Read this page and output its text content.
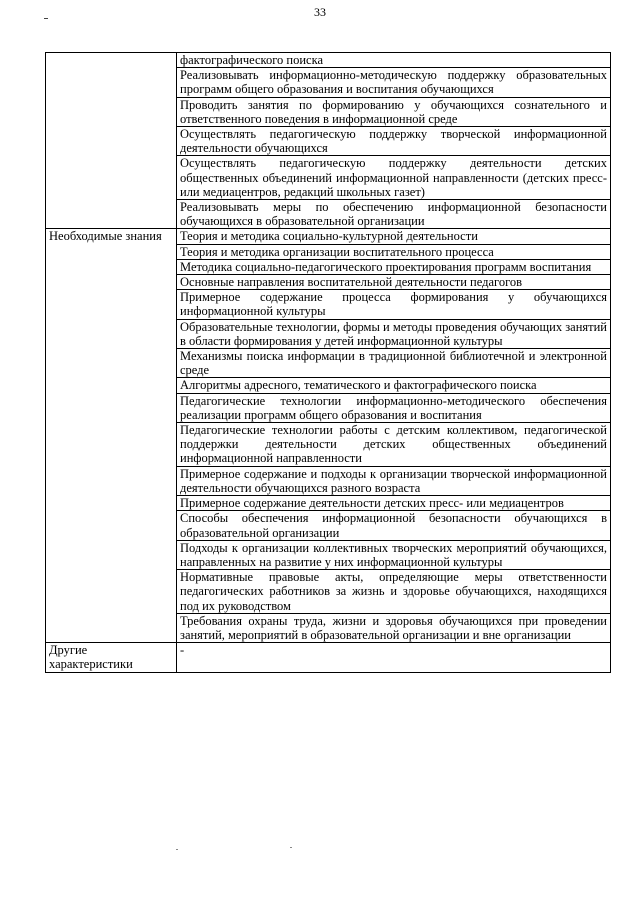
33
	фактографического поиска
	Реализовывать информационно-методическую поддержку образовательных программ общего образования и воспитания обучающихся
	Проводить занятия по формированию у обучающихся сознательного и ответственного поведения в информационной среде
	Осуществлять педагогическую поддержку творческой информационной деятельности обучающихся
	Осуществлять педагогическую поддержку деятельности детских общественных объединений информационной направленности (детских пресс- или медиацентров, редакций школьных газет)
	Реализовывать меры по обеспечению информационной безопасности обучающихся в образовательной организации
Необходимые знания	Теория и методика социально-культурной деятельности
	Теория и методика организации воспитательного процесса
	Методика социально-педагогического проектирования программ воспитания
	Основные направления воспитательной деятельности педагогов
	Примерное содержание процесса формирования у обучающихся информационной культуры
	Образовательные технологии, формы и методы проведения обучающих занятий в области формирования у детей информационной культуры
	Механизмы поиска информации в традиционной библиотечной и электронной среде
	Алгоритмы адресного, тематического и фактографического поиска
	Педагогические технологии информационно-методического обеспечения реализации программ общего образования и воспитания
	Педагогические технологии работы с детским коллективом, педагогической поддержки деятельности детских общественных объединений информационной направленности
	Примерное содержание и подходы к организации творческой информационной деятельности обучающихся разного возраста
	Примерное содержание деятельности детских пресс- или медиацентров
	Способы обеспечения информационной безопасности обучающихся в образовательной организации
	Подходы к организации коллективных творческих мероприятий обучающихся, направленных на развитие у них информационной культуры
	Нормативные правовые акты, определяющие меры ответственности педагогических работников за жизнь и здоровье обучающихся, находящихся под их руководством
	Требования охраны труда, жизни и здоровья обучающихся при проведении занятий, мероприятий в образовательной организации и вне организации
Другие характеристики	-
